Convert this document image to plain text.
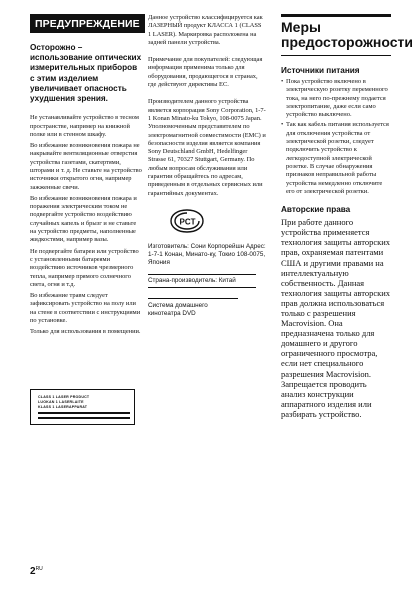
ПРЕДУПРЕЖДЕНИЕ

Осторожно – использование оптических измерительных приборов с этим изделием увеличивает опасность ухудшения зрения.

Не устанавливайте устройство в тесном пространстве, например на книжной полке или в стенном шкафу.

Во избежание возникновения пожара не накрывайте вентиляционные отверстия устройства газетами, скатертями, шторами и т. д. Не ставьте на устройство источники открытого огня, например зажженные свечи.

Во избежание возникновения пожара и поражения электрическим током не подвергайте устройство воздействию случайных капель и брызг и не ставьте на устройство предметы, наполненные жидкостями, например вазы.

Не подвергайте батареи или устройство с установленными батареями воздействию источников чрезмерного тепла, например прямого солнечного света, огня и т.д.

Во избежание травм следует зафиксировать устройство на полу или на стене в соответствии с инструкциями по установке.

Только для использования в помещении.

CLASS 1 LASER PRODUCT
LUOKAN 1 LASERLAITE
KLASS 1 LASERAPPARAT
$2^{RU}$

Данное устройство классифицируется как ЛАЗЕРНЫЙ продукт КЛАССА 1 (CLASS 1 LASER). Маркировка расположена на задней панели устройства.

Примечание для покупателей: следующая информация применима только для оборудования, продающегося в странах, где действуют директивы ЕС.

Производителем данного устройства является корпорация Sony Corporation, 1-7-1 Konan Minato-ku Tokyo, 108-0075 Japan. Уполномоченным представителем по электромагнитной совместимости (EMC) и безопасности изделия является компания Sony Deutschland GmbH, Hedelfinger Strasse 61, 70327 Stuttgart, Germany. По любым вопросам обслуживания или гарантии обращайтесь по адресам, приведенным в отдельных сервисных или гарантийных документах.

PCT

Изготовитель: Сони Корпорейшн Адрес: 1-7-1 Конан, Минато-ку, Токио 108-0075, Япония

Страна-производитель: Китай
Система домашнего кинотеатра DVD
Меры предосторожности
Источники питания
• Пока устройство включено в электрическую розетку переменного тока, на него по-прежнему подается электропитание, даже если само устройство выключено.
• Так как кабель питания используется для отключения устройства от электрической розетки, следует подключить устройство к легкодоступной электрической розетке. В случае обнаружения признаков неправильной работы устройства немедленно отключите его от электрической розетки.
Авторские права

При работе данного устройства применяется технология защиты авторских прав, охраняемая патентами США и другими правами на интеллектуальную собственность. Данная технология защиты авторских прав должна использоваться только с разрешения Macrovision. Она предназначена только для домашнего и другого ограниченного просмотра, если нет специального разрешения Macrovision. Запрещается проводить анализ конструкции аппаратного изделия или разбирать устройство.
